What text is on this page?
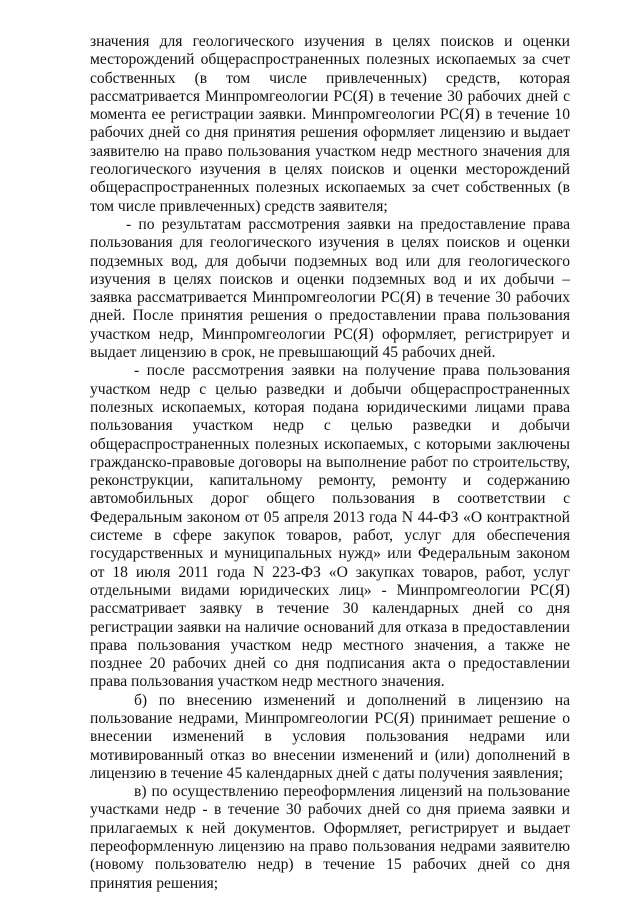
значения для геологического изучения в целях поисков и оценки месторождений общераспространенных полезных ископаемых за счет собственных (в том числе привлеченных) средств, которая рассматривается Минпромгеологии РС(Я) в течение 30 рабочих дней с момента ее регистрации заявки. Минпромгеологии РС(Я) в течение 10 рабочих дней со дня принятия решения оформляет лицензию и выдает заявителю на право пользования участком недр местного значения для геологического изучения в целях поисков и оценки месторождений общераспространенных полезных ископаемых за счет собственных (в том числе привлеченных) средств заявителя;

- по результатам рассмотрения заявки на предоставление права пользования для геологического изучения в целях поисков и оценки подземных вод, для добычи подземных вод или для геологического изучения в целях поисков и оценки подземных вод и их добычи – заявка рассматривается Минпромгеологии РС(Я) в течение 30 рабочих дней. После принятия решения о предоставлении права пользования участком недр, Минпромгеологии РС(Я) оформляет, регистрирует и выдает лицензию в срок, не превышающий 45 рабочих дней.

- после рассмотрения заявки на получение права пользования участком недр с целью разведки и добычи общераспространенных полезных ископаемых, которая подана юридическими лицами права пользования участком недр с целью разведки и добычи общераспространенных полезных ископаемых, с которыми заключены гражданско-правовые договоры на выполнение работ по строительству, реконструкции, капитальному ремонту, ремонту и содержанию автомобильных дорог общего пользования в соответствии с Федеральным законом от 05 апреля 2013 года N 44-ФЗ «О контрактной системе в сфере закупок товаров, работ, услуг для обеспечения государственных и муниципальных нужд» или Федеральным законом от 18 июля 2011 года N 223-ФЗ «О закупках товаров, работ, услуг отдельными видами юридических лиц» - Минпромгеологии РС(Я) рассматривает заявку в течение 30 календарных дней со дня регистрации заявки на наличие оснований для отказа в предоставлении права пользования участком недр местного значения, а также не позднее 20 рабочих дней со дня подписания акта о предоставлении права пользования участком недр местного значения.

б) по внесению изменений и дополнений в лицензию на пользование недрами, Минпромгеологии РС(Я) принимает решение о внесении изменений в условия пользования недрами или мотивированный отказ во внесении изменений и (или) дополнений в лицензию в течение 45 календарных дней с даты получения заявления;

в) по осуществлению переоформления лицензий на пользование участками недр - в течение 30 рабочих дней со дня приема заявки и прилагаемых к ней документов. Оформляет, регистрирует и выдает переоформленную лицензию на право пользования недрами заявителю (новому пользователю недр) в течение 15 рабочих дней со дня принятия решения;
